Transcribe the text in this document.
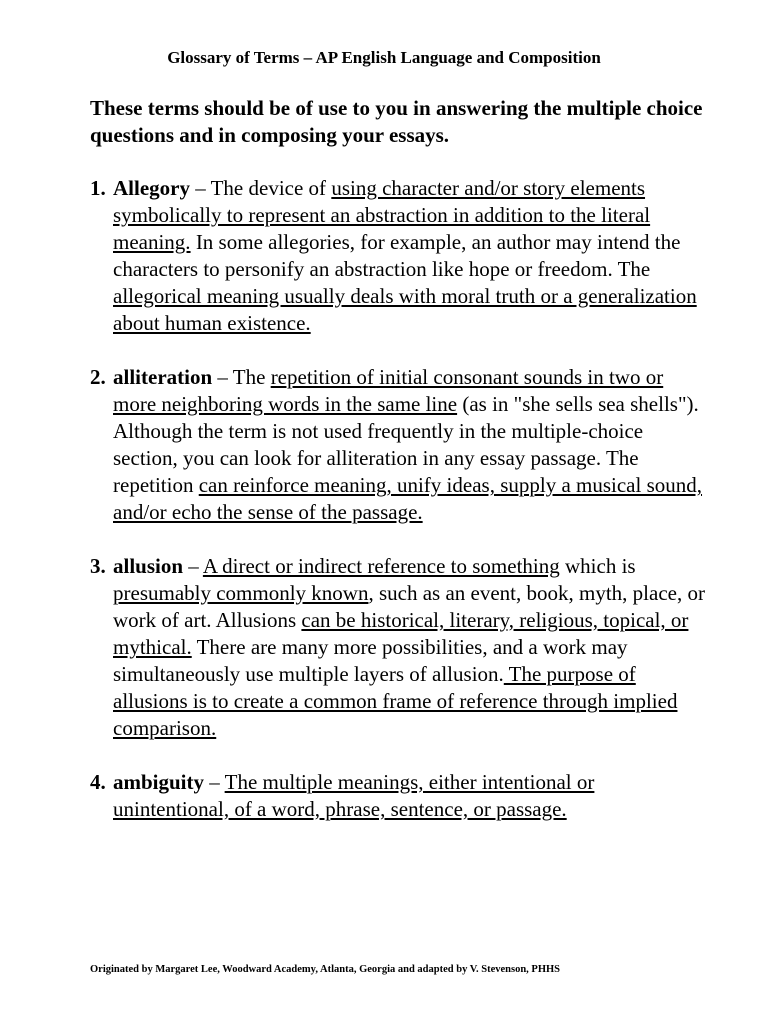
Glossary of Terms – AP English Language and Composition
These terms should be of use to you in answering the multiple choice questions and in composing your essays.
1. Allegory – The device of using character and/or story elements symbolically to represent an abstraction in addition to the literal meaning. In some allegories, for example, an author may intend the characters to personify an abstraction like hope or freedom. The allegorical meaning usually deals with moral truth or a generalization about human existence.
2. alliteration – The repetition of initial consonant sounds in two or more neighboring words in the same line (as in "she sells sea shells"). Although the term is not used frequently in the multiple-choice section, you can look for alliteration in any essay passage. The repetition can reinforce meaning, unify ideas, supply a musical sound, and/or echo the sense of the passage.
3. allusion – A direct or indirect reference to something which is presumably commonly known, such as an event, book, myth, place, or work of art. Allusions can be historical, literary, religious, topical, or mythical. There are many more possibilities, and a work may simultaneously use multiple layers of allusion. The purpose of allusions is to create a common frame of reference through implied comparison.
4. ambiguity – The multiple meanings, either intentional or unintentional, of a word, phrase, sentence, or passage.
Originated by Margaret Lee, Woodward Academy, Atlanta, Georgia and adapted by V. Stevenson, PHHS
